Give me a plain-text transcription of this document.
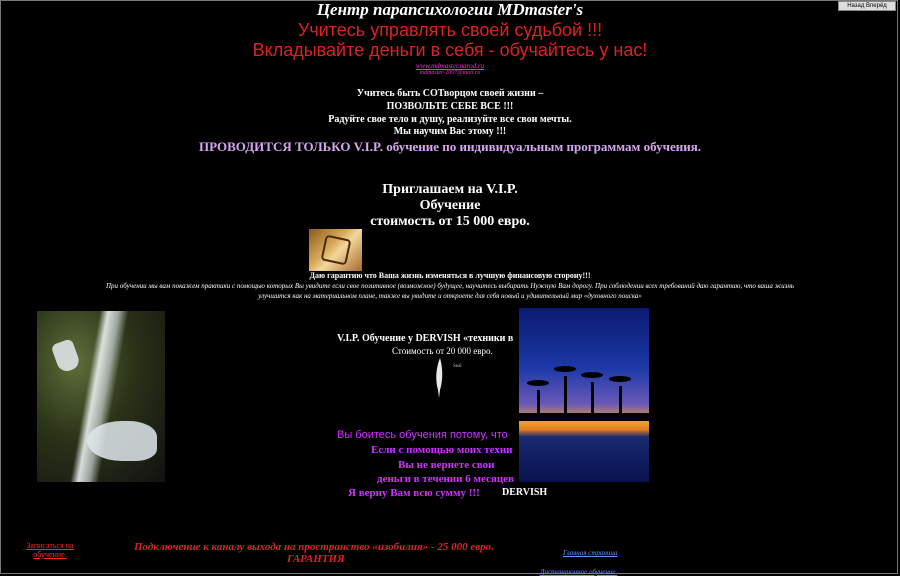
Назад Вперёд
Центр парапсихологии MDmaster's
Учитесь управлять своей судьбой !!!
Вкладывайте деньги в себя - обучайтесь у нас!
www.mdmaster.narod.ru
mdmaster-2007@mail.ru
Учитесь быть СОТворцом своей жизни –
ПОЗВОЛЬТЕ СЕБЕ ВСЕ !!!
Радуйте свое тело и душу, реализуйте все свои мечты.
Мы научим Вас этому !!!
ПРОВОДИТСЯ ТОЛЬКО V.I.P. обучение по индивидуальным программам обучения.
Приглашаем на V.I.P.
Обучение
стоимость от 15 000 евро.
Даю гарантию что Ваша жизнь изменяться в лучшую финансовую сторону!!!
При обучении мы вам покажем практики с помощью которых Вы увидите если свое позитивное (возможное) будущее, научитесь выбирать Нужную Вам дорогу. При соблюдении всех требований даю гарантию, что ваша жизнь
улучшится как на материальном плане, также вы увидите и откроете для себя новый и удивительный мир «духовного поиска»
V.I.P. Обучение у DERVISH «техники в
Стоимость от 20 000 евро.
Seal
Вы боитесь обучения потому, что
Если с помощью моих техни
Вы не вернете свои
деньги в течении 6 месяцев
Я верну Вам всю сумму !!! DERVISH
Записаться на обучение.
Подключение к каналу выхода на пространство «изобилия» - 25 000 евро.
ГАРАНТИЯ	Главная страница
Дистанционное обучение.
